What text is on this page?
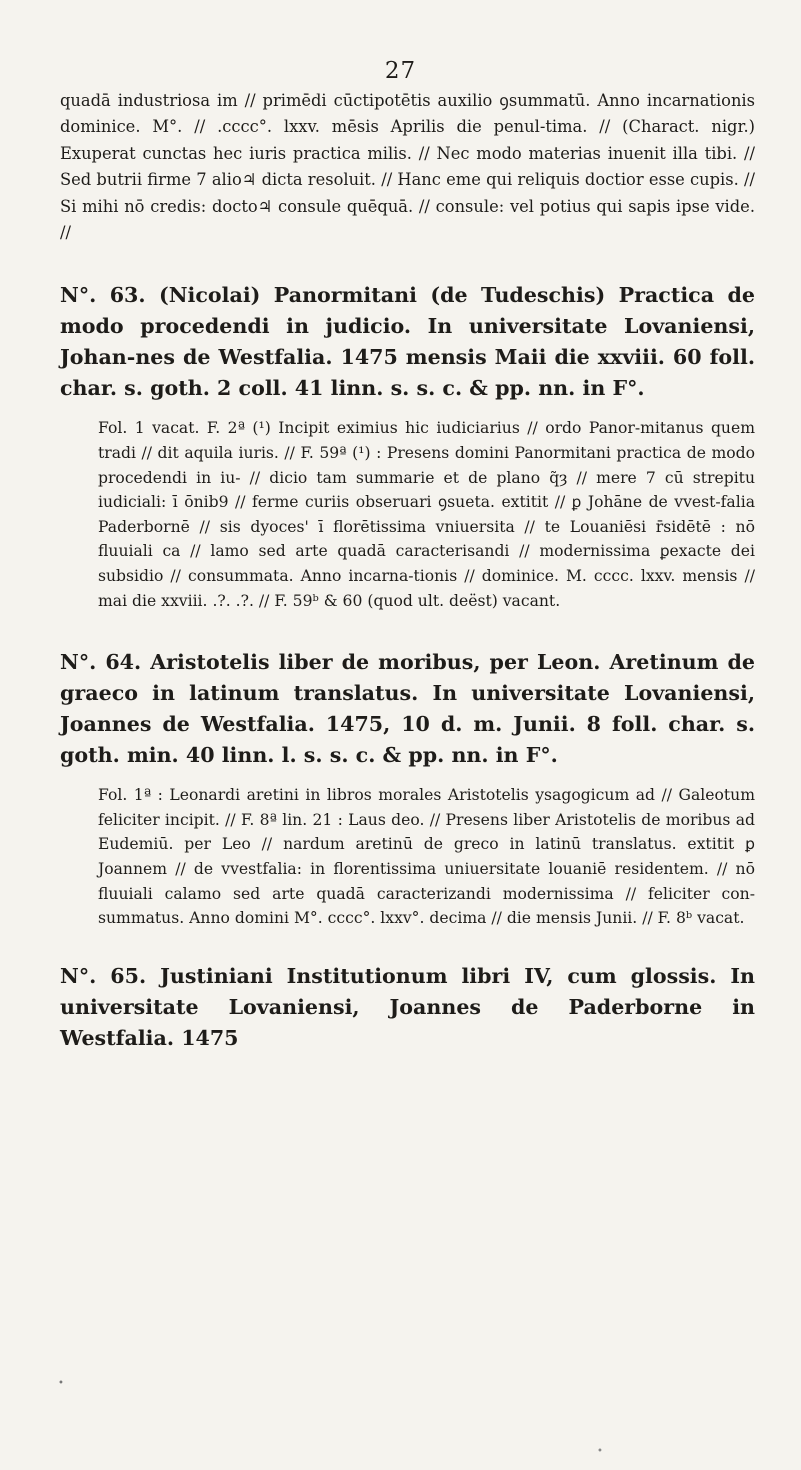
27

quadā industriosa im // primēdi cūctipotētis auxilio ꝯsummatū. Anno incarnationis dominice. M°. // .cccc°. lxxv. mēsis Aprilis die penul-tima. // (Charact. nigr.) Exuperat cunctas hec iuris practica milis. // Nec modo materias inuenit illa tibi. // Sed butrii firme 7 alio♃ dicta resoluit. // Hanc eme qui reliquis doctior esse cupis. // Si mihi nō credis: docto♃ consule quēquā. // consule: vel potius qui sapis ipse vide. //

N°. 63. (Nicolai) Panormitani (de Tudeschis) Practica de modo procedendi in judicio. In universitate Lovaniensi, Johan-nes de Westfalia. 1475 mensis Maii die xxviii. 60 foll. char. s. goth. 2 coll. 41 linn. s. s. c. & pp. nn. in F°.

Fol. 1 vacat. F. 2ª (¹) Incipit eximius hic iudiciarius // ordo Panor-mitanus quem tradi // dit aquila iuris. // F. 59ª (¹) : Presens domini Panormitani practica de modo procedendi in iu- // dicio tam summarie et de plano q̃ȝ // mere 7 cū strepitu iudiciali: ī ōnib9 // ferme curiis obseruari ꝯsueta. extitit // ꝑ Johāne de vvest-falia Paderbornē // sis dyoces' ī florētissima vniuersita // te Louaniēsi r̄sidētē : nō fluuiali ca // lamo sed arte quadā caracterisandi // modernissima ꝑexacte dei subsidio // consummata. Anno incarna-tionis // dominice. M. cccc. lxxv. mensis // mai die xxviii. .?. .?. // F. 59ᵇ & 60 (quod ult. deëst) vacant.

N°. 64. Aristotelis liber de moribus, per Leon. Aretinum de graeco in latinum translatus. In universitate Lovaniensi, Joannes de Westfalia. 1475, 10 d. m. Junii. 8 foll. char. s. goth. min. 40 linn. l. s. s. c. & pp. nn. in F°.

Fol. 1ª : Leonardi aretini in libros morales Aristotelis ysagogicum ad // Galeotum feliciter incipit. // F. 8ª lin. 21 : Laus deo. // Presens liber Aristotelis de moribus ad Eudemiū. per Leo // nardum aretinū de greco in latinū translatus. extitit ꝑ Joannem // de vvestfalia: in florentissima uniuersitate louaniē residentem. // nō fluuiali calamo sed arte quadā caracterizandi modernissima // feliciter con-summatus. Anno domini M°. cccc°. lxxv°. decima // die mensis Junii. // F. 8ᵇ vacat.

N°. 65. Justiniani Institutionum libri IV, cum glossis. In universitate Lovaniensi, Joannes de Paderborne in Westfalia. 1475

•
•
